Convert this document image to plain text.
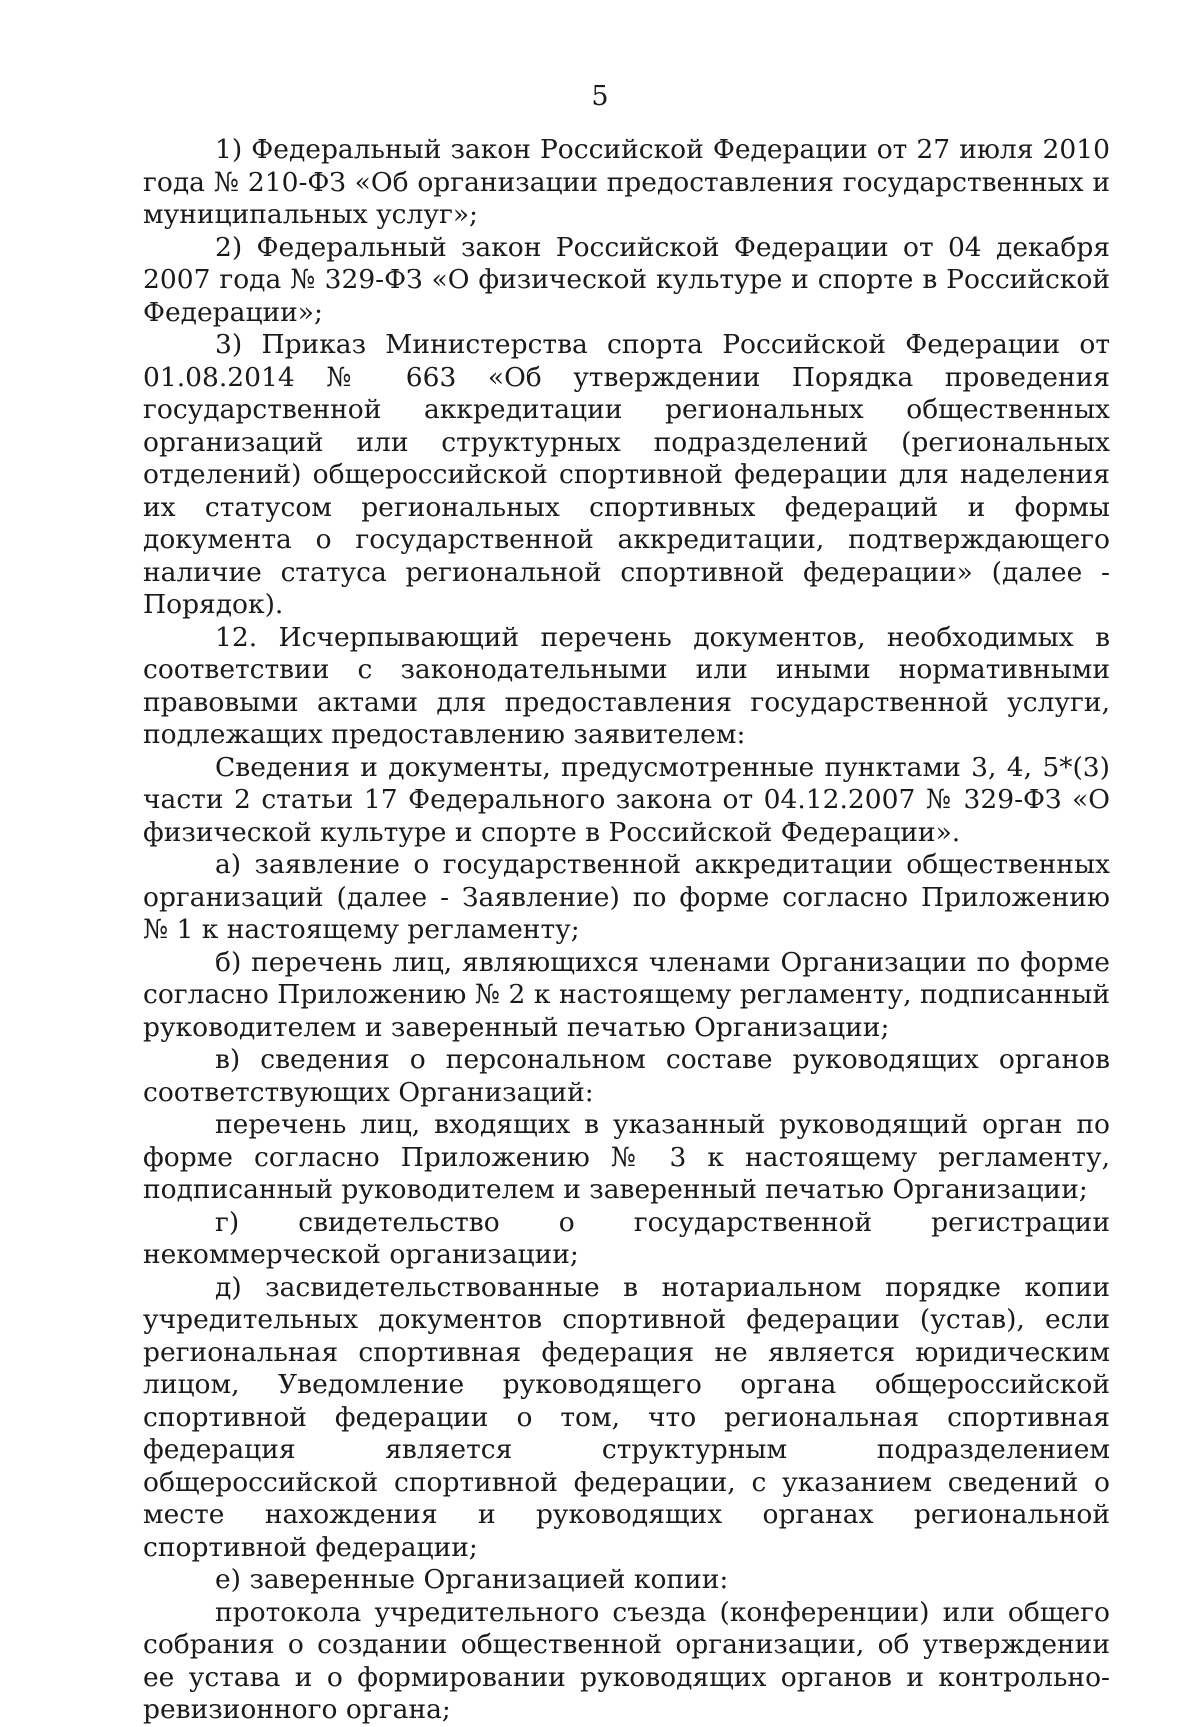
5

1) Федеральный закон Российской Федерации от 27 июля 2010 года № 210-ФЗ «Об организации предоставления государственных и муниципальных услуг»;

2) Федеральный закон Российской Федерации от 04 декабря 2007 года № 329-ФЗ «О физической культуре и спорте в Российской Федерации»;

3) Приказ Министерства спорта Российской Федерации от 01.08.2014 № 663 «Об утверждении Порядка проведения государственной аккредитации региональных общественных организаций или структурных подразделений (региональных отделений) общероссийской спортивной федерации для наделения их статусом региональных спортивных федераций и формы документа о государственной аккредитации, подтверждающего наличие статуса региональной спортивной федерации» (далее - Порядок).

12. Исчерпывающий перечень документов, необходимых в соответствии с законодательными или иными нормативными правовыми актами для предоставления государственной услуги, подлежащих предоставлению заявителем:

Сведения и документы, предусмотренные пунктами 3, 4, 5*(3) части 2 статьи 17 Федерального закона от 04.12.2007 № 329-ФЗ «О физической культуре и спорте в Российской Федерации».

а) заявление о государственной аккредитации общественных организаций (далее - Заявление) по форме согласно Приложению № 1 к настоящему регламенту;

б) перечень лиц, являющихся членами Организации по форме согласно Приложению № 2 к настоящему регламенту, подписанный руководителем и заверенный печатью Организации;

в) сведения о персональном составе руководящих органов соответствующих Организаций:

перечень лиц, входящих в указанный руководящий орган по форме согласно Приложению № 3 к настоящему регламенту, подписанный руководителем и заверенный печатью Организации;

г) свидетельство о государственной регистрации некоммерческой организации;

д) засвидетельствованные в нотариальном порядке копии учредительных документов спортивной федерации (устав), если региональная спортивная федерация не является юридическим лицом, Уведомление руководящего органа общероссийской спортивной федерации о том, что региональная спортивная федерация является структурным подразделением общероссийской спортивной федерации, с указанием сведений о месте нахождения и руководящих органах региональной спортивной федерации;

е) заверенные Организацией копии:

протокола учредительного съезда (конференции) или общего собрания о создании общественной организации, об утверждении ее устава и о формировании руководящих органов и контрольно-ревизионного органа;
